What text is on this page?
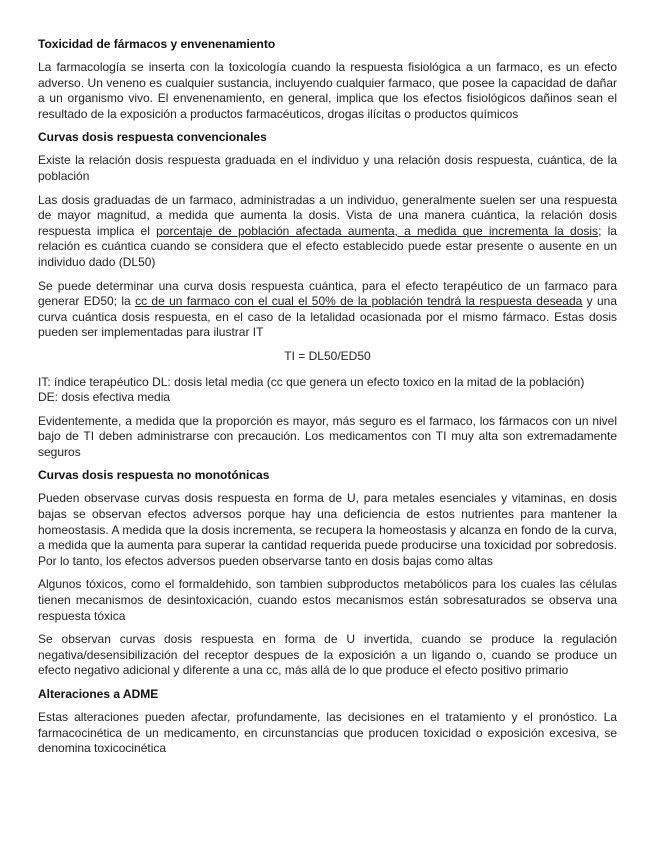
Toxicidad de fármacos y envenenamiento

La farmacología se inserta con la toxicología cuando la respuesta fisiológica a un farmaco, es un efecto adverso. Un veneno es cualquier sustancia, incluyendo cualquier farmaco, que posee la capacidad de dañar a un organismo vivo. El envenenamiento, en general, implica que los efectos fisiológicos dañinos sean el resultado de la exposición a productos farmacéuticos, drogas ilícitas o productos químicos

Curvas dosis respuesta convencionales

Existe la relación dosis respuesta graduada en el individuo y una relación dosis respuesta, cuántica, de la población

Las dosis graduadas de un farmaco, administradas a un individuo, generalmente suelen ser una respuesta de mayor magnitud, a medida que aumenta la dosis. Vista de una manera cuántica, la relación dosis respuesta implica el porcentaje de población afectada aumenta, a medida que incrementa la dosis; la relación es cuántica cuando se considera que el efecto establecido puede estar presente o ausente en un individuo dado (DL50)

Se puede determinar una curva dosis respuesta cuántica, para el efecto terapéutico de un farmaco para generar ED50; la cc de un farmaco con el cual el 50% de la población tendrá la respuesta deseada y una curva cuántica dosis respuesta, en el caso de la letalidad ocasionada por el mismo fármaco. Estas dosis pueden ser implementadas para ilustrar IT

TI = DL50/ED50

IT: índice terapéutico DL: dosis letal media (cc que genera un efecto toxico en la mitad de la población)
DE: dosis efectiva media

Evidentemente, a medida que la proporción es mayor, más seguro es el farmaco, los fármacos con un nivel bajo de TI deben administrarse con precaución. Los medicamentos con TI muy alta son extremadamente seguros

Curvas dosis respuesta no monotónicas

Pueden observase curvas dosis respuesta en forma de U, para metales esenciales y vitaminas, en dosis bajas se observan efectos adversos porque hay una deficiencia de estos nutrientes para mantener la homeostasis. A medida que la dosis incrementa, se recupera la homeostasis y alcanza en fondo de la curva, a medida que la aumenta para superar la cantidad requerida puede producirse una toxicidad por sobredosis. Por lo tanto, los efectos adversos pueden observarse tanto en dosis bajas como altas

Algunos tóxicos, como el formaldehido, son tambien subproductos metabólicos para los cuales las células tienen mecanismos de desintoxicación, cuando estos mecanismos están sobresaturados se observa una respuesta tóxica

Se observan curvas dosis respuesta en forma de U invertida, cuando se produce la regulación negativa/desensibilización del receptor despues de la exposición a un ligando o, cuando se produce un efecto negativo adicional y diferente a una cc, más allá de lo que produce el efecto positivo primario

Alteraciones a ADME

Estas alteraciones pueden afectar, profundamente, las decisiones en el tratamiento y el pronóstico. La farmacocinética de un medicamento, en circunstancias que producen toxicidad o exposición excesiva, se denomina toxicocinética
